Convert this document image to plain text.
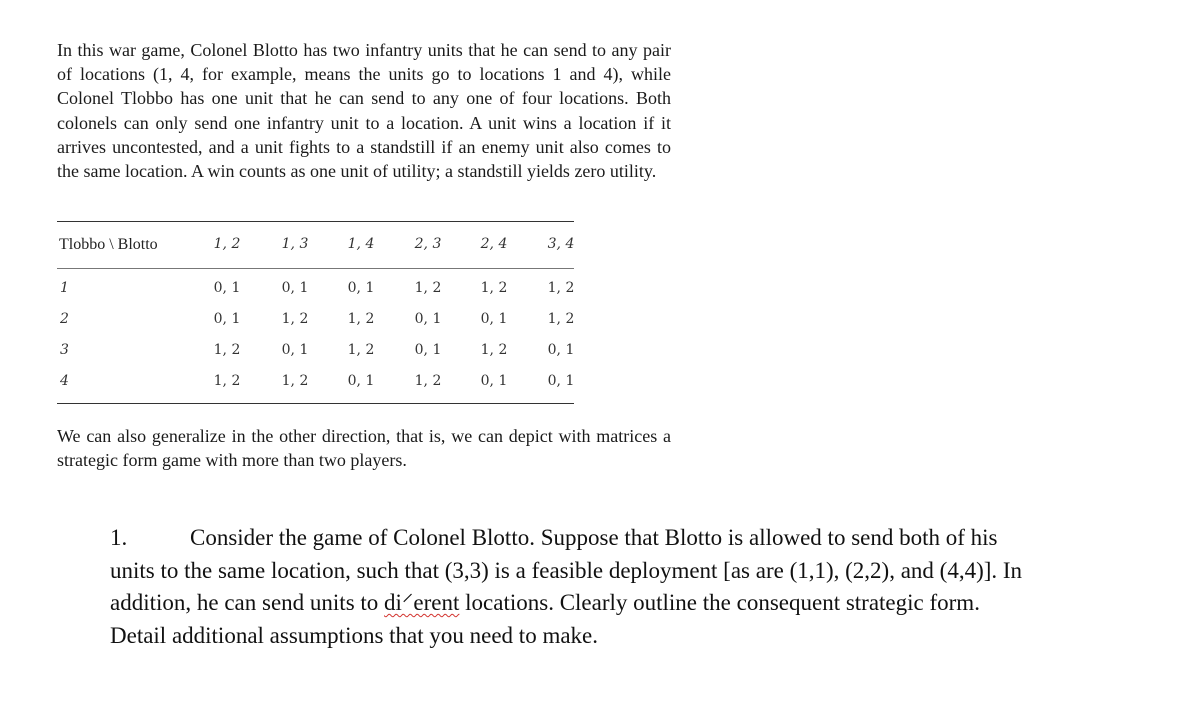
In this war game, Colonel Blotto has two infantry units that he can send to any pair of locations (1, 4, for example, means the units go to locations 1 and 4), while Colonel Tlobbo has one unit that he can send to any one of four locations. Both colonels can only send one infantry unit to a location. A unit wins a location if it arrives uncontested, and a unit fights to a standstill if an enemy unit also comes to the same location. A win counts as one unit of utility; a standstill yields zero utility.

Tlobbo \ Blotto	1, 2	1, 3	1, 4	2, 3	2, 4	3, 4
1	0, 1	0, 1	0, 1	1, 2	1, 2	1, 2
2	0, 1	1, 2	1, 2	0, 1	0, 1	1, 2
3	1, 2	0, 1	1, 2	0, 1	1, 2	0, 1
4	1, 2	1, 2	0, 1	1, 2	0, 1	0, 1

We can also generalize in the other direction, that is, we can depict with matrices a strategic form game with more than two players.

1.	Consider the game of Colonel Blotto. Suppose that Blotto is allowed to send both of his
units to the same location, such that (3,3) is a feasible deployment [as are (1,1), (2,2), and (4,4)]. In
addition, he can send units to di⸍erent locations. Clearly outline the consequent strategic form.
Detail additional assumptions that you need to make.
